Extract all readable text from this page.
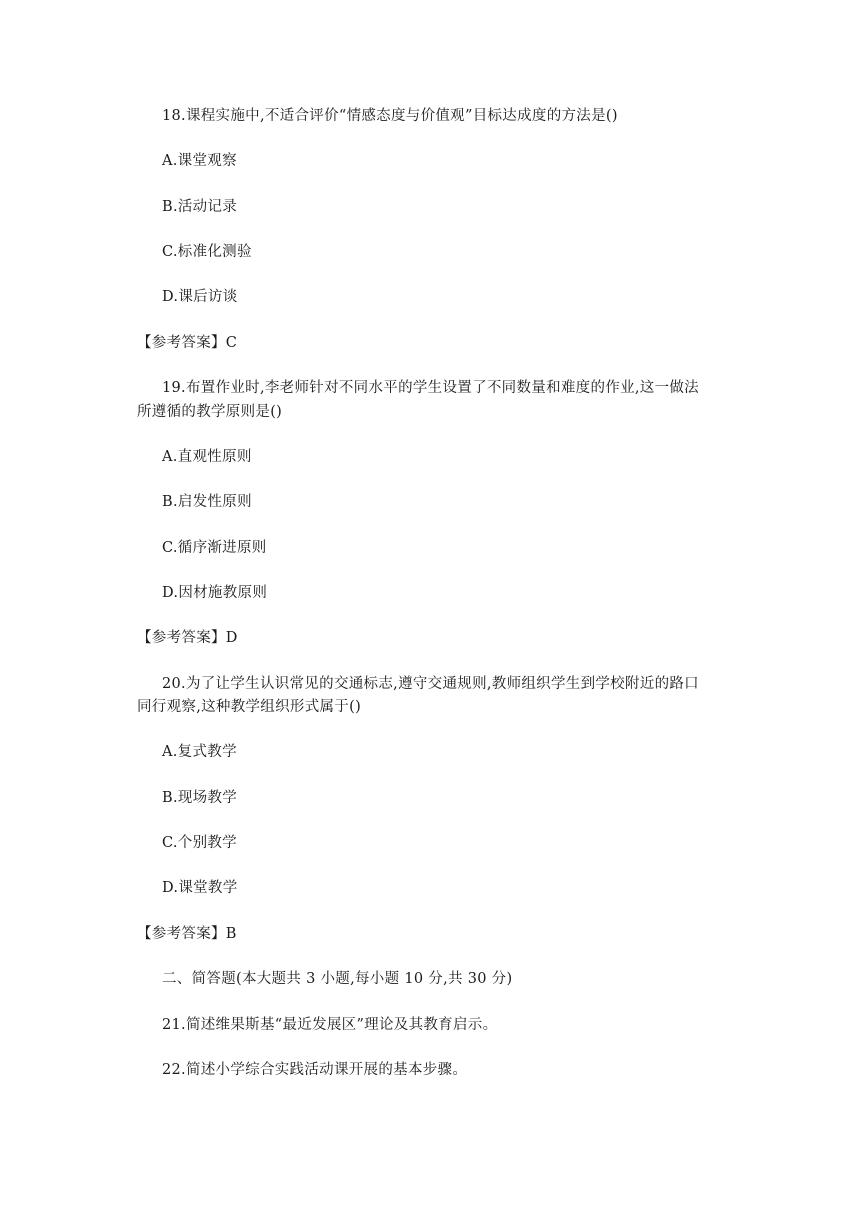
18.课程实施中,不适合评价“情感态度与价值观”目标达成度的方法是()
A.课堂观察
B.活动记录
C.标准化测验
D.课后访谈
【参考答案】C
19.布置作业时,李老师针对不同水平的学生设置了不同数量和难度的作业,这一做法
所遵循的教学原则是()
A.直观性原则
B.启发性原则
C.循序渐进原则
D.因材施教原则
【参考答案】D
20.为了让学生认识常见的交通标志,遵守交通规则,教师组织学生到学校附近的路口
同行观察,这种教学组织形式属于()
A.复式教学
B.现场教学
C.个别教学
D.课堂教学
【参考答案】B
二、简答题(本大题共 3 小题,每小题 10 分,共 30 分)
21.简述维果斯基“最近发展区”理论及其教育启示。
22.简述小学综合实践活动课开展的基本步骤。
